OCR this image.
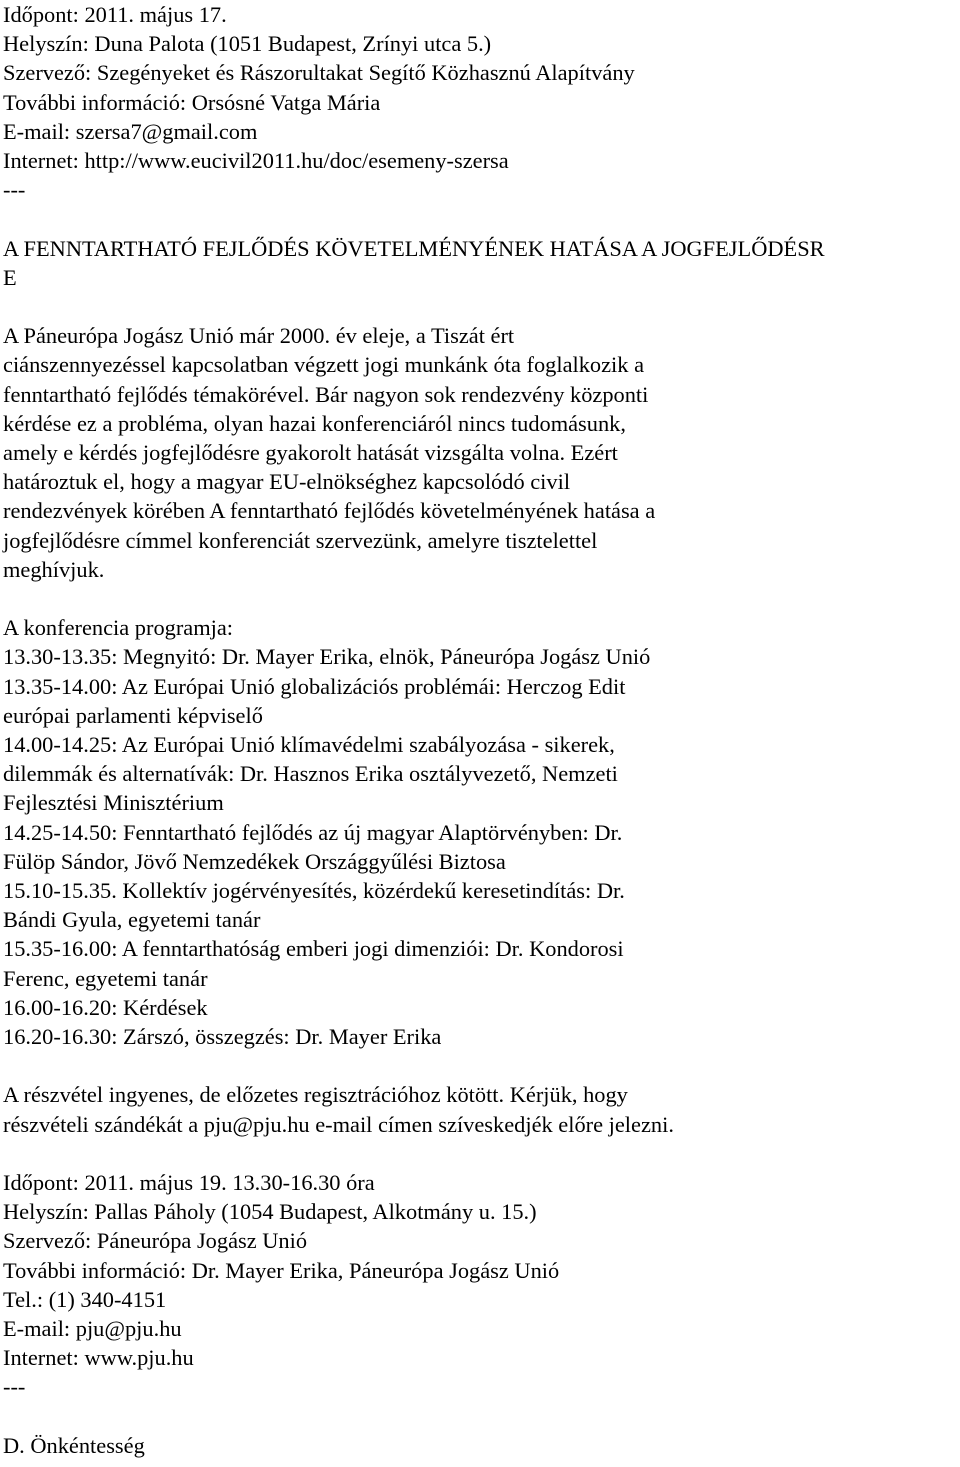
Időpont: 2011. május 17.
Helyszín: Duna Palota (1051 Budapest, Zrínyi utca 5.)
Szervező: Szegényeket és Rászorultakat Segítő Közhasznú Alapítvány
További információ: Orsósné Vatga Mária
E-mail: szersa7@gmail.com
Internet: http://www.eucivil2011.hu/doc/esemeny-szersa
---
A FENNTARTHATÓ FEJLŐDÉS KÖVETELMÉNYÉNEK HATÁSA A JOGFEJLŐDÉSR
E
A Páneurópa Jogász Unió már 2000. év eleje, a Tiszát ért
ciánszennyezéssel kapcsolatban végzett jogi munkánk óta foglalkozik a
fenntartható fejlődés témakörével. Bár nagyon sok rendezvény központi
kérdése ez a probléma, olyan hazai konferenciáról nincs tudomásunk,
amely e kérdés jogfejlődésre gyakorolt hatását vizsgálta volna. Ezért
határoztuk el, hogy a magyar EU-elnökséghez kapcsolódó civil
rendezvények körében A fenntartható fejlődés követelményének hatása a
jogfejlődésre címmel konferenciát szervezünk, amelyre tisztelettel
meghívjuk.
A konferencia programja:
13.30-13.35: Megnyitó: Dr. Mayer Erika, elnök, Páneurópa Jogász Unió
13.35-14.00: Az Európai Unió globalizációs problémái: Herczog Edit
európai parlamenti képviselő
14.00-14.25: Az Európai Unió klímavédelmi szabályozása - sikerek,
dilemmák és alternatívák: Dr. Hasznos Erika osztályvezető, Nemzeti
Fejlesztési Minisztérium
14.25-14.50: Fenntartható fejlődés az új magyar Alaptörvényben: Dr.
Fülöp Sándor, Jövő Nemzedékek Országgyűlési Biztosa
15.10-15.35. Kollektív jogérvényesítés, közérdekű keresetindítás: Dr.
Bándi Gyula, egyetemi tanár
15.35-16.00: A fenntarthatóság emberi jogi dimenziói: Dr. Kondorosi
Ferenc, egyetemi tanár
16.00-16.20: Kérdések
16.20-16.30: Zárszó, összegzés: Dr. Mayer Erika
A részvétel ingyenes, de előzetes regisztrációhoz kötött. Kérjük, hogy
részvételi szándékát a pju@pju.hu e-mail címen szíveskedjék előre jelezni.
Időpont: 2011. május 19. 13.30-16.30 óra
Helyszín: Pallas Páholy (1054 Budapest, Alkotmány u. 15.)
Szervező: Páneurópa Jogász Unió
További információ: Dr. Mayer Erika, Páneurópa Jogász Unió
Tel.: (1) 340-4151
E-mail: pju@pju.hu
Internet: www.pju.hu
---
D. Önkéntesség
